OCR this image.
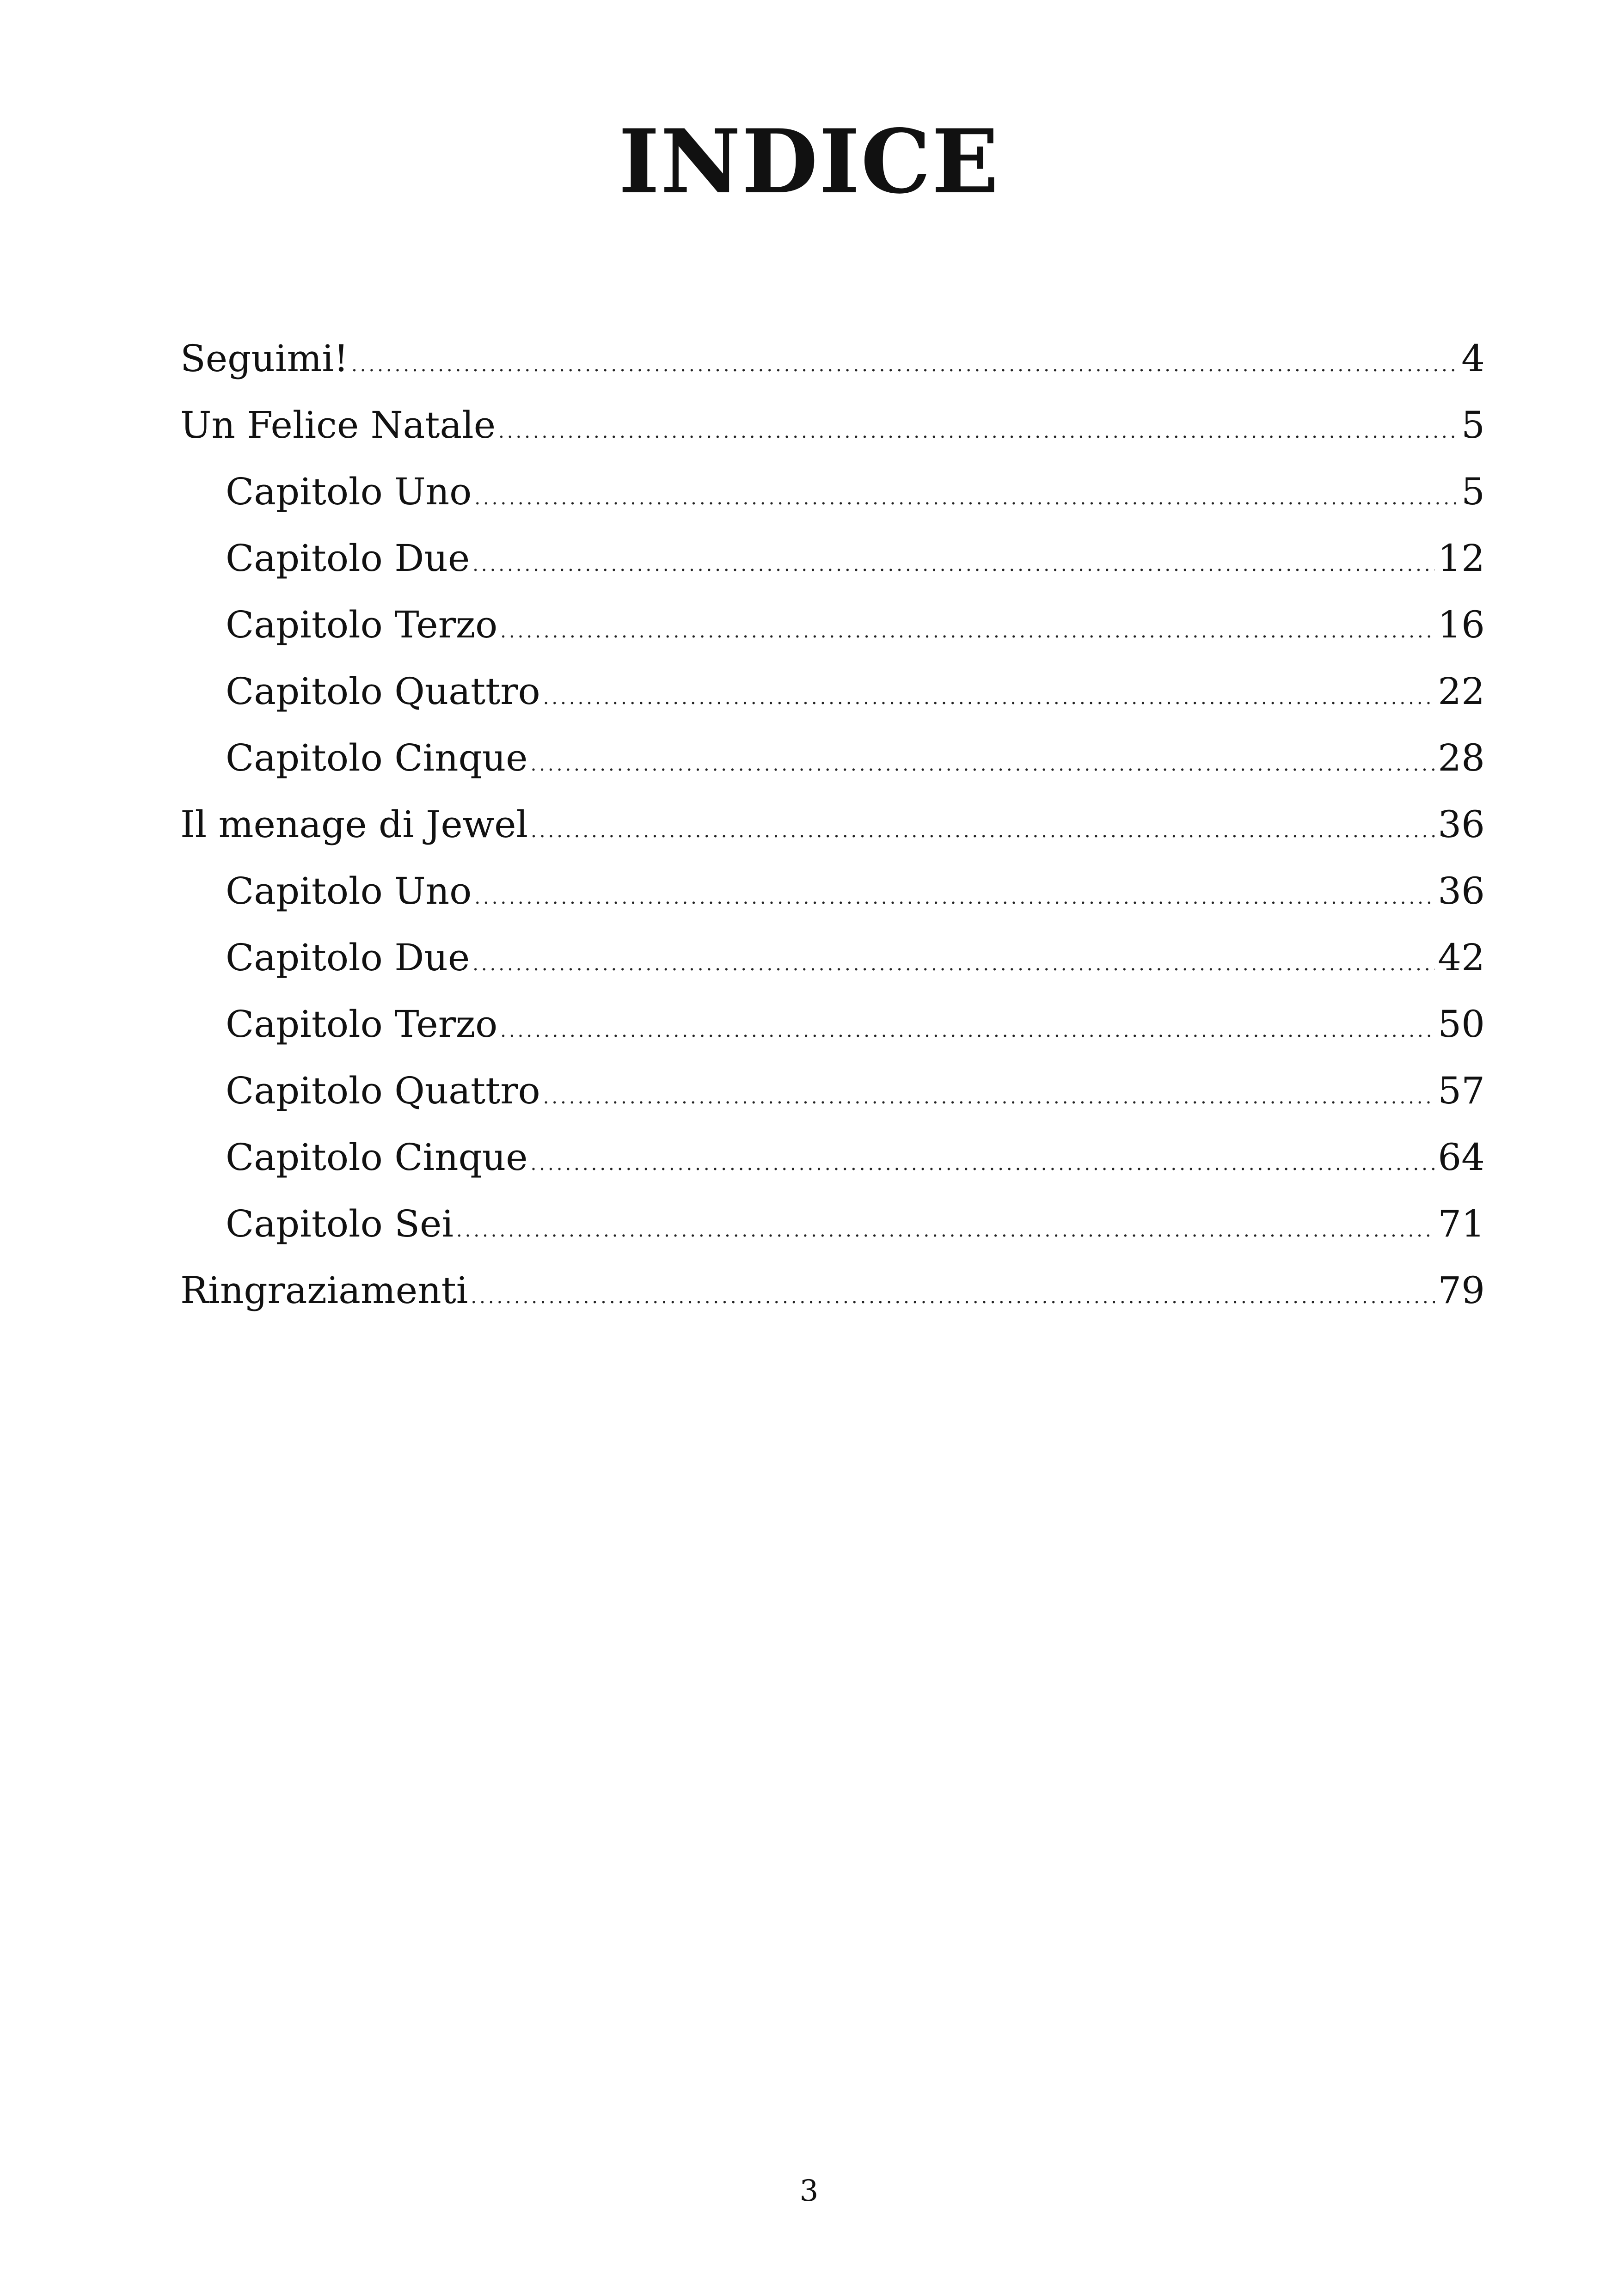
INDICE
Seguimi! .....	4
Un Felice Natale .....	5
Capitolo Uno .....	5
Capitolo Due .....	12
Capitolo Terzo .....	16
Capitolo Quattro .....	22
Capitolo Cinque .....	28
Il menage di Jewel .....	36
Capitolo Uno .....	36
Capitolo Due .....	42
Capitolo Terzo .....	50
Capitolo Quattro .....	57
Capitolo Cinque .....	64
Capitolo Sei .....	71
Ringraziamenti .....	79
3
